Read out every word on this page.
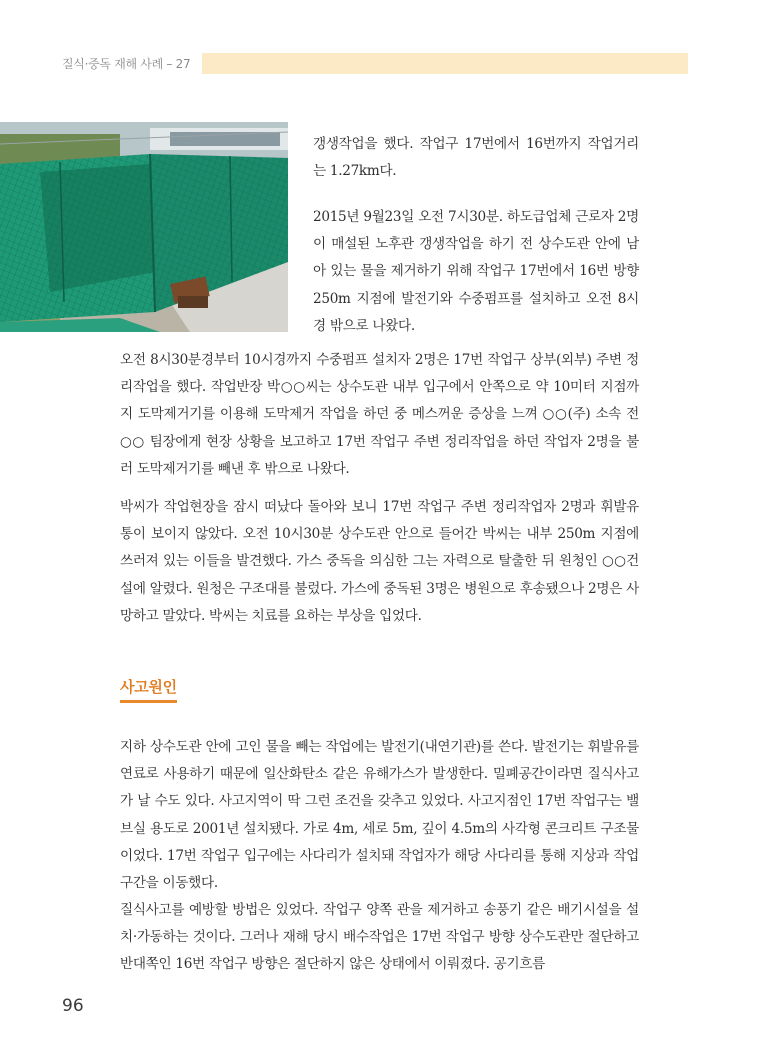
질식·중독 재해 사례 – 27

갱생작업을 했다. 작업구 17번에서 16번까지 작업거리는 1.27km다.

2015년 9월23일 오전 7시30분. 하도급업체 근로자 2명이 매설된 노후관 갱생작업을 하기 전 상수도관 안에 남아 있는 물을 제거하기 위해 작업구 17번에서 16번 방향 250m 지점에 발전기와 수중펌프를 설치하고 오전 8시경 밖으로 나왔다.

오전 8시30분경부터 10시경까지 수중펌프 설치자 2명은 17번 작업구 상부(외부) 주변 정리작업을 했다. 작업반장 박○○씨는 상수도관 내부 입구에서 안쪽으로 약 10미터 지점까지 도막제거기를 이용해 도막제거 작업을 하던 중 메스꺼운 증상을 느껴 ○○(주) 소속 전○○ 팀장에게 현장 상황을 보고하고 17번 작업구 주변 정리작업을 하던 작업자 2명을 불러 도막제거기를 빼낸 후 밖으로 나왔다.

박씨가 작업현장을 잠시 떠났다 돌아와 보니 17번 작업구 주변 정리작업자 2명과 휘발유 통이 보이지 않았다. 오전 10시30분 상수도관 안으로 들어간 박씨는 내부 250m 지점에 쓰러져 있는 이들을 발견했다. 가스 중독을 의심한 그는 자력으로 탈출한 뒤 원청인 ○○건설에 알렸다. 원청은 구조대를 불렀다. 가스에 중독된 3명은 병원으로 후송됐으나 2명은 사망하고 말았다. 박씨는 치료를 요하는 부상을 입었다.

사고원인

지하 상수도관 안에 고인 물을 빼는 작업에는 발전기(내연기관)를 쓴다. 발전기는 휘발유를 연료로 사용하기 때문에 일산화탄소 같은 유해가스가 발생한다. 밀폐공간이라면 질식사고가 날 수도 있다. 사고지역이 딱 그런 조건을 갖추고 있었다. 사고지점인 17번 작업구는 밸브실 용도로 2001년 설치됐다. 가로 4m, 세로 5m, 깊이 4.5m의 사각형 콘크리트 구조물이었다. 17번 작업구 입구에는 사다리가 설치돼 작업자가 해당 사다리를 통해 지상과 작업구간을 이동했다.

질식사고를 예방할 방법은 있었다. 작업구 양쪽 관을 제거하고 송풍기 같은 배기시설을 설치·가동하는 것이다. 그러나 재해 당시 배수작업은 17번 작업구 방향 상수도관만 절단하고 반대쪽인 16번 작업구 방향은 절단하지 않은 상태에서 이뤄졌다. 공기흐름

96
